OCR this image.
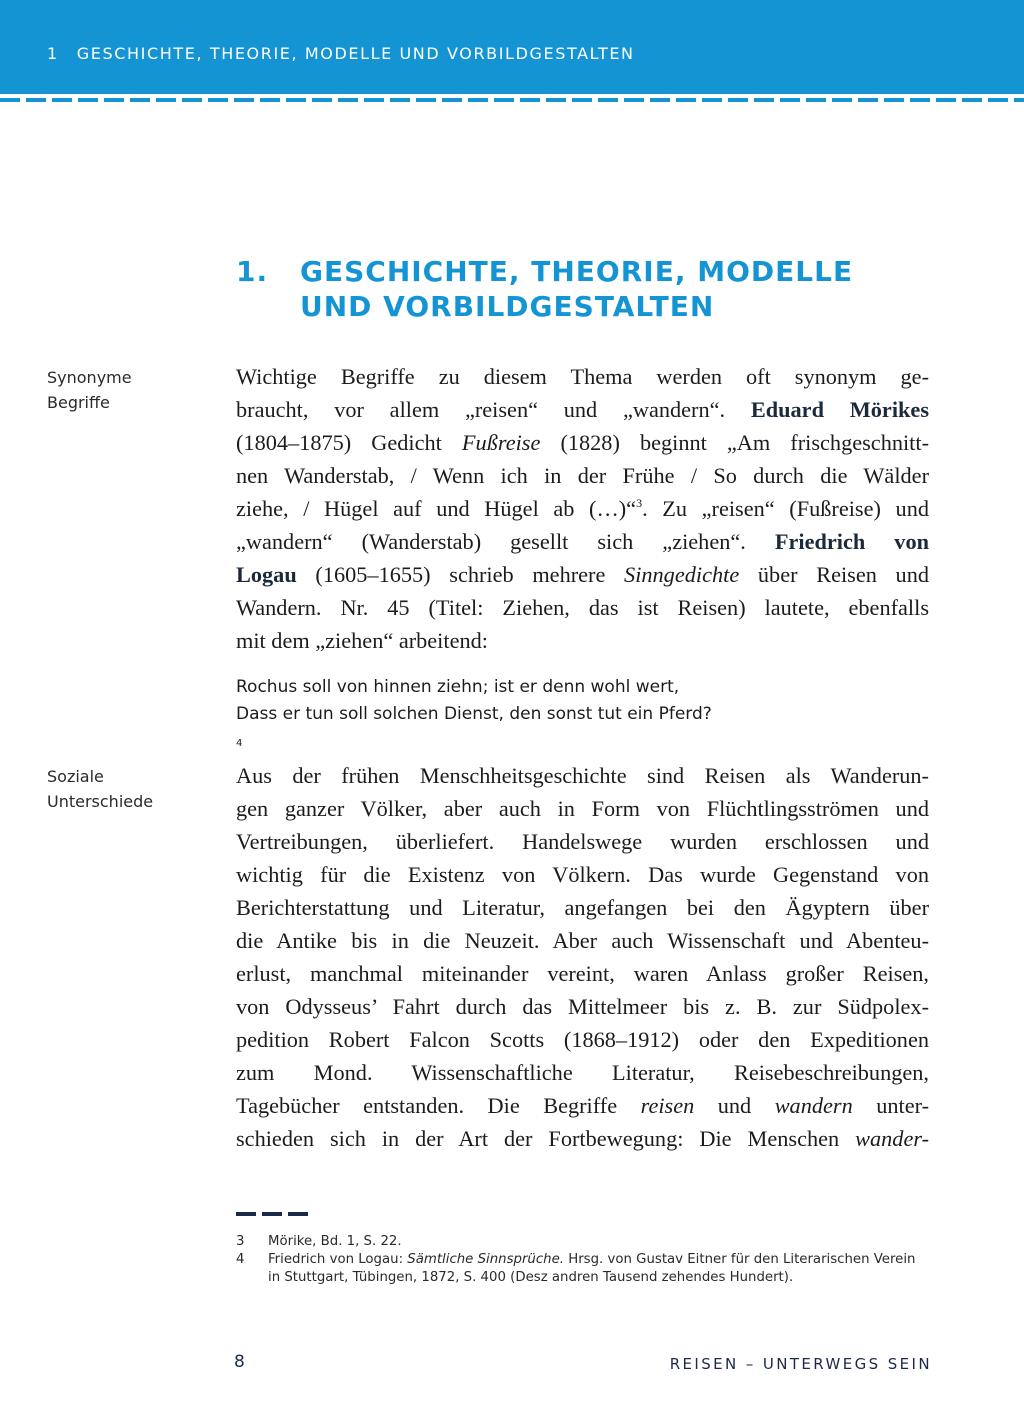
1 GESCHICHTE, THEORIE, MODELLE UND VORBILDGESTALTEN
1. GESCHICHTE, THEORIE, MODELLE
UND VORBILDGESTALTEN
Synonyme
Begriffe
Wichtige Begriffe zu diesem Thema werden oft synonym ge-
braucht, vor allem „reisen“ und „wandern“. Eduard Mörikes
(1804–1875) Gedicht Fußreise (1828) beginnt „Am frischgeschnitt-
nen Wanderstab, / Wenn ich in der Frühe / So durch die Wälder
ziehe, / Hügel auf und Hügel ab (…)“$^3$. Zu „reisen“ (Fußreise) und
„wandern“ (Wanderstab) gesellt sich „ziehen“. Friedrich von
Logau (1605–1655) schrieb mehrere Sinngedichte über Reisen und
Wandern. Nr. 45 (Titel: Ziehen, das ist Reisen) lautete, ebenfalls
mit dem „ziehen“ arbeitend:
Rochus soll von hinnen ziehn; ist er denn wohl wert,
Dass er tun soll solchen Dienst, den sonst tut ein Pferd?
$^4$
Soziale
Unterschiede
Aus der frühen Menschheitsgeschichte sind Reisen als Wanderun-
gen ganzer Völker, aber auch in Form von Flüchtlingsströmen und
Vertreibungen, überliefert. Handelswege wurden erschlossen und
wichtig für die Existenz von Völkern. Das wurde Gegenstand von
Berichterstattung und Literatur, angefangen bei den Ägyptern über
die Antike bis in die Neuzeit. Aber auch Wissenschaft und Abenteu-
erlust, manchmal miteinander vereint, waren Anlass großer Reisen,
von Odysseus’ Fahrt durch das Mittelmeer bis z. B. zur Südpolex-
pedition Robert Falcon Scotts (1868–1912) oder den Expeditionen
zum Mond. Wissenschaftliche Literatur, Reisebeschreibungen,
Tagebücher entstanden. Die Begriffe reisen und wandern unter-
schieden sich in der Art der Fortbewegung: Die Menschen wander-
3 Mörike, Bd. 1, S. 22.
4 Friedrich von Logau: Sämtliche Sinnsprüche. Hrsg. von Gustav Eitner für den Literarischen Verein
in Stuttgart, Tübingen, 1872, S. 400 (Desz andren Tausend zehendes Hundert).
8	REISEN – UNTERWEGS SEIN
